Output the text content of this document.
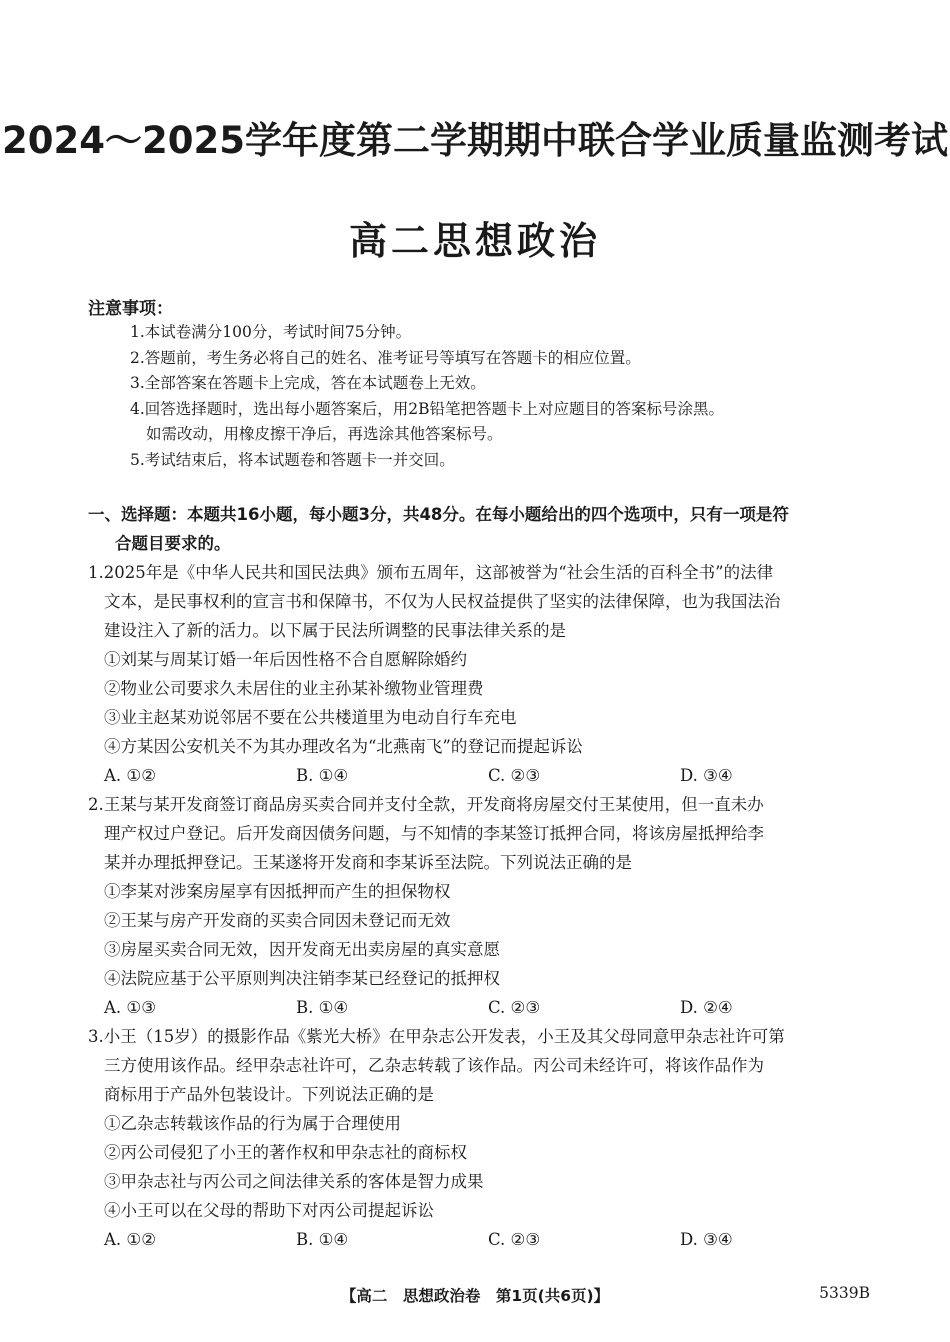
2024～2025学年度第二学期期中联合学业质量监测考试
高二思想政治
注意事项：
1.本试卷满分100分，考试时间75分钟。
2.答题前，考生务必将自己的姓名、准考证号等填写在答题卡的相应位置。
3.全部答案在答题卡上完成，答在本试题卷上无效。
4.回答选择题时，选出每小题答案后，用2B铅笔把答题卡上对应题目的答案标号涂黑。
如需改动，用橡皮擦干净后，再选涂其他答案标号。
5.考试结束后，将本试题卷和答题卡一并交回。
一、选择题：本题共16小题，每小题3分，共48分。在每小题给出的四个选项中，只有一项是符
合题目要求的。
1.2025年是《中华人民共和国民法典》颁布五周年，这部被誉为“社会生活的百科全书”的法律
文本，是民事权利的宣言书和保障书，不仅为人民权益提供了坚实的法律保障，也为我国法治
建设注入了新的活力。以下属于民法所调整的民事法律关系的是
①刘某与周某订婚一年后因性格不合自愿解除婚约
②物业公司要求久未居住的业主孙某补缴物业管理费
③业主赵某劝说邻居不要在公共楼道里为电动自行车充电
④方某因公安机关不为其办理改名为“北燕南飞”的登记而提起诉讼
A. ①②	B. ①④	C. ②③	D. ③④
2.王某与某开发商签订商品房买卖合同并支付全款，开发商将房屋交付王某使用，但一直未办
理产权过户登记。后开发商因债务问题，与不知情的李某签订抵押合同，将该房屋抵押给李
某并办理抵押登记。王某遂将开发商和李某诉至法院。下列说法正确的是
①李某对涉案房屋享有因抵押而产生的担保物权
②王某与房产开发商的买卖合同因未登记而无效
③房屋买卖合同无效，因开发商无出卖房屋的真实意愿
④法院应基于公平原则判决注销李某已经登记的抵押权
A. ①③	B. ①④	C. ②③	D. ②④
3.小王（15岁）的摄影作品《紫光大桥》在甲杂志公开发表，小王及其父母同意甲杂志社许可第
三方使用该作品。经甲杂志社许可，乙杂志转载了该作品。丙公司未经许可，将该作品作为
商标用于产品外包装设计。下列说法正确的是
①乙杂志转载该作品的行为属于合理使用
②丙公司侵犯了小王的著作权和甲杂志社的商标权
③甲杂志社与丙公司之间法律关系的客体是智力成果
④小王可以在父母的帮助下对丙公司提起诉讼
A. ①②	B. ①④	C. ②③	D. ③④
【高二　思想政治卷　第1页(共6页)】	5339B
